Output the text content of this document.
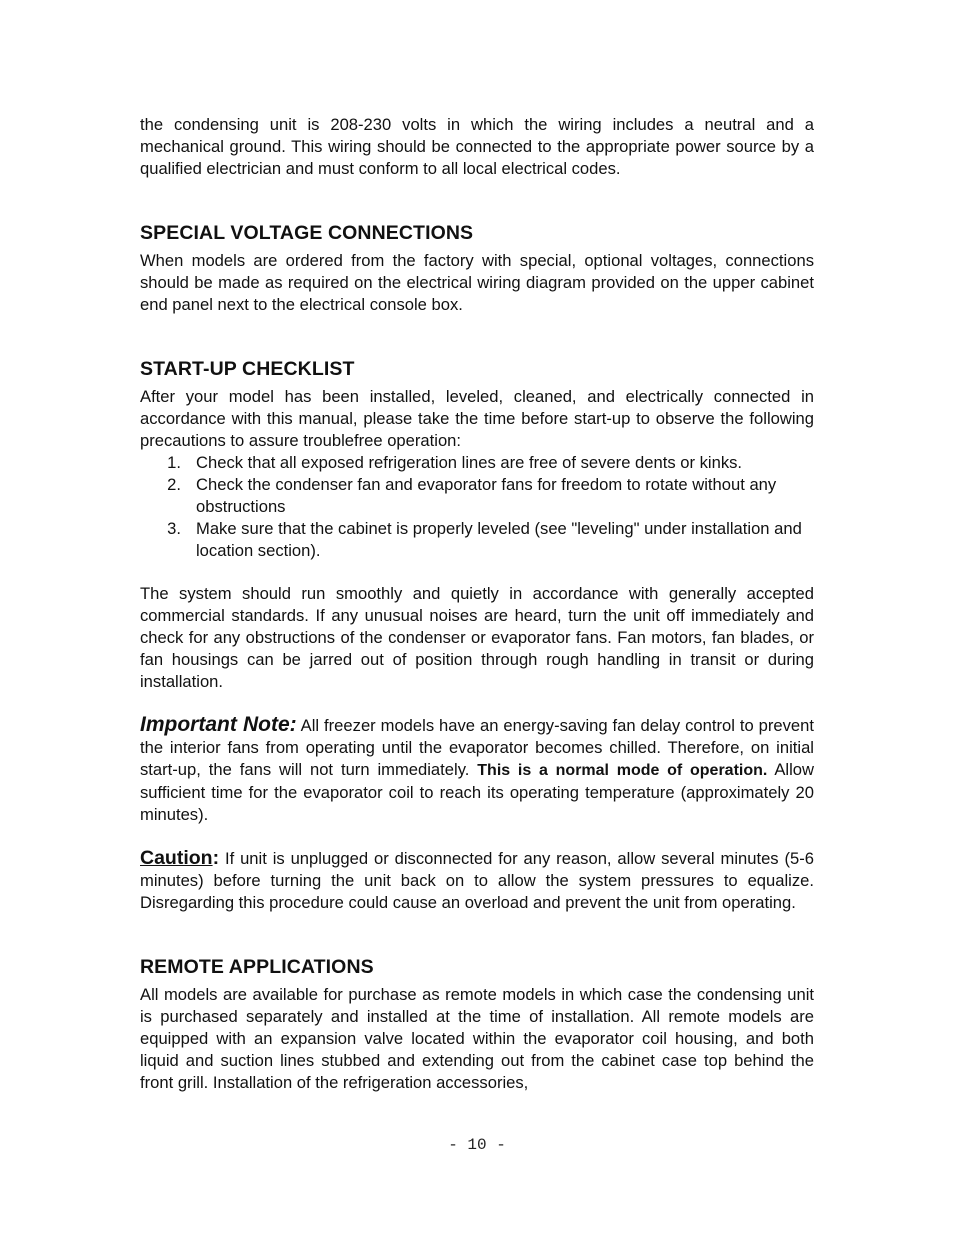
the condensing unit is 208-230 volts in which the wiring includes a neutral and a mechanical ground. This wiring should be connected to the appropriate power source by a qualified electrician and must conform to all local electrical codes.

SPECIAL VOLTAGE CONNECTIONS

When models are ordered from the factory with special, optional voltages, connections should be made as required on the electrical wiring diagram provided on the upper cabinet end panel next to the electrical console box.

START-UP CHECKLIST

After your model has been installed, leveled, cleaned, and electrically connected in accordance with this manual, please take the time before start-up to observe the following precautions to assure troublefree operation:

1. Check that all exposed refrigeration lines are free of severe dents or kinks.
2. Check the condenser fan and evaporator fans for freedom to rotate without any obstructions
3. Make sure that the cabinet is properly leveled (see "leveling" under installation and location section).

The system should run smoothly and quietly in accordance with generally accepted commercial standards. If any unusual noises are heard, turn the unit off immediately and check for any obstructions of the condenser or evaporator fans. Fan motors, fan blades, or fan housings can be jarred out of position through rough handling in transit or during installation.

Important Note: All freezer models have an energy-saving fan delay control to prevent the interior fans from operating until the evaporator becomes chilled. Therefore, on initial start-up, the fans will not turn immediately. This is a normal mode of operation. Allow sufficient time for the evaporator coil to reach its operating temperature (approximately 20 minutes).

Caution: If unit is unplugged or disconnected for any reason, allow several minutes (5-6 minutes) before turning the unit back on to allow the system pressures to equalize. Disregarding this procedure could cause an overload and prevent the unit from operating.

REMOTE APPLICATIONS

All models are available for purchase as remote models in which case the condensing unit is purchased separately and installed at the time of installation. All remote models are equipped with an expansion valve located within the evaporator coil housing, and both liquid and suction lines stubbed and extending out from the cabinet case top behind the front grill. Installation of the refrigeration accessories,

- 10 -
